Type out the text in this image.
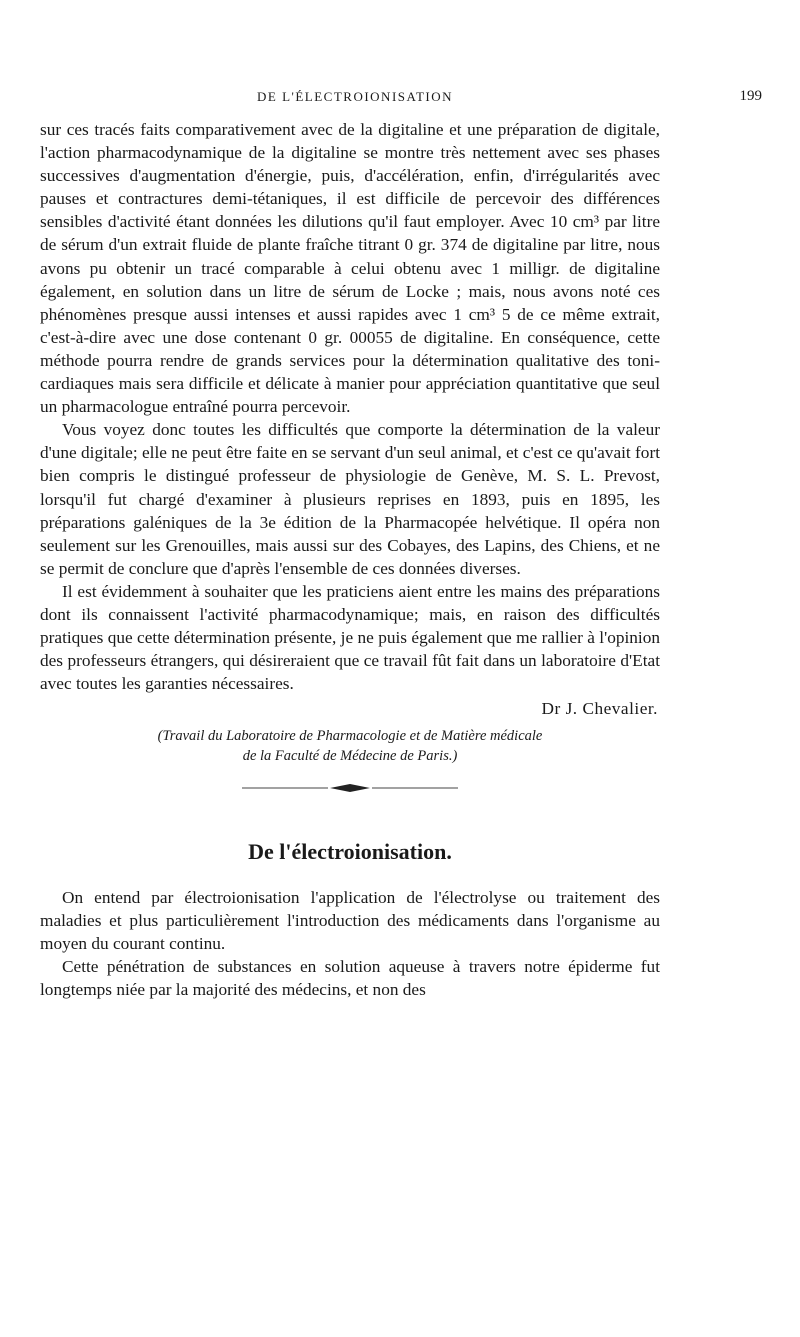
DE L'ÉLECTROIONISATION	199

sur ces tracés faits comparativement avec de la digitaline et une préparation de digitale, l'action pharmacodynamique de la digitaline se montre très nettement avec ses phases successives d'augmentation d'énergie, puis, d'accélération, enfin, d'irrégularités avec pauses et contractures demi-tétaniques, il est difficile de percevoir des différences sensibles d'activité étant données les dilutions qu'il faut employer. Avec 10 cm³ par litre de sérum d'un extrait fluide de plante fraîche titrant 0 gr. 374 de digitaline par litre, nous avons pu obtenir un tracé comparable à celui obtenu avec 1 milligr. de digitaline également, en solution dans un litre de sérum de Locke ; mais, nous avons noté ces phénomènes presque aussi intenses et aussi rapides avec 1 cm³ 5 de ce même extrait, c'est-à-dire avec une dose contenant 0 gr. 00055 de digitaline. En conséquence, cette méthode pourra rendre de grands services pour la détermination qualitative des toni-cardiaques mais sera difficile et délicate à manier pour appréciation quantitative que seul un pharmacologue entraîné pourra percevoir.

Vous voyez donc toutes les difficultés que comporte la détermination de la valeur d'une digitale; elle ne peut être faite en se servant d'un seul animal, et c'est ce qu'avait fort bien compris le distingué professeur de physiologie de Genève, M. S. L. Prevost, lorsqu'il fut chargé d'examiner à plusieurs reprises en 1893, puis en 1895, les préparations galéniques de la 3e édition de la Pharmacopée helvétique. Il opéra non seulement sur les Grenouilles, mais aussi sur des Cobayes, des Lapins, des Chiens, et ne se permit de conclure que d'après l'ensemble de ces données diverses.

Il est évidemment à souhaiter que les praticiens aient entre les mains des préparations dont ils connaissent l'activité pharmacodynamique; mais, en raison des difficultés pratiques que cette détermination présente, je ne puis également que me rallier à l'opinion des professeurs étrangers, qui désireraient que ce travail fût fait dans un laboratoire d'Etat avec toutes les garanties nécessaires.

Dr J. Chevalier.
(Travail du Laboratoire de Pharmacologie et de Matière médicale
de la Faculté de Médecine de Paris.)
De l'électroionisation.

On entend par électroionisation l'application de l'électrolyse ou traitement des maladies et plus particulièrement l'introduction des médicaments dans l'organisme au moyen du courant continu.

Cette pénétration de substances en solution aqueuse à travers notre épiderme fut longtemps niée par la majorité des médecins, et non des
